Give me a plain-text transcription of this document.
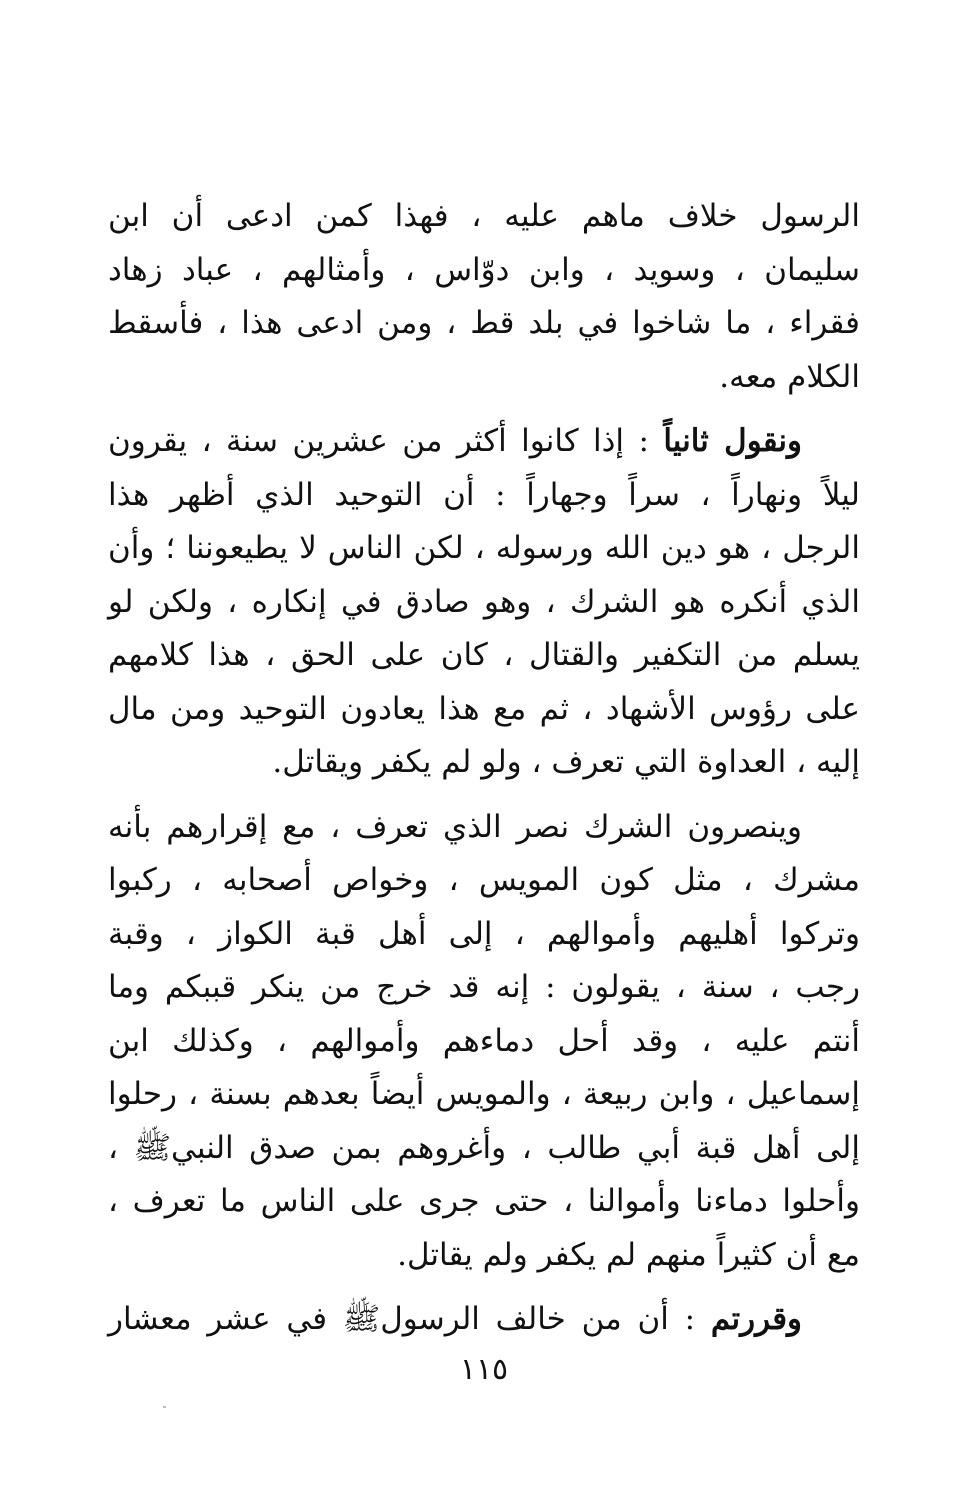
الرسول خلاف ماهم عليه ، فهذا كمن ادعى أن ابن
سليمان ، وسويد ، وابن دوّاس ، وأمثالهم ، عباد زهاد
فقراء ، ما شاخوا في بلد قط ، ومن ادعى هذا ، فأسقط
الكلام معه.
ونقول ثانياً : إذا كانوا أكثر من عشرين سنة ، يقرون
ليلاً ونهاراً ، سراً وجهاراً : أن التوحيد الذي أظهر هذا
الرجل ، هو دين الله ورسوله ، لكن الناس لا يطيعوننا ؛ وأن
الذي أنكره هو الشرك ، وهو صادق في إنكاره ، ولكن لو
يسلم من التكفير والقتال ، كان على الحق ، هذا كلامهم
على رؤوس الأشهاد ، ثم مع هذا يعادون التوحيد ومن مال
إليه ، العداوة التي تعرف ، ولو لم يكفر ويقاتل.
وينصرون الشرك نصر الذي تعرف ، مع إقرارهم بأنه
مشرك ، مثل كون المويس ، وخواص أصحابه ، ركبوا
وتركوا أهليهم وأموالهم ، إلى أهل قبة الكواز ، وقبة
رجب ، سنة ، يقولون : إنه قد خرج من ينكر قببكم وما
أنتم عليه ، وقد أحل دماءهم وأموالهم ، وكذلك ابن
إسماعيل ، وابن ربيعة ، والمويس أيضاً بعدهم بسنة ، رحلوا
إلى أهل قبة أبي طالب ، وأغروهم بمن صدق النبيﷺ ،
وأحلوا دماءنا وأموالنا ، حتى جرى على الناس ما تعرف ،
مع أن كثيراً منهم لم يكفر ولم يقاتل.
وقررتم : أن من خالف الرسولﷺ في عشر معشار
١١٥
